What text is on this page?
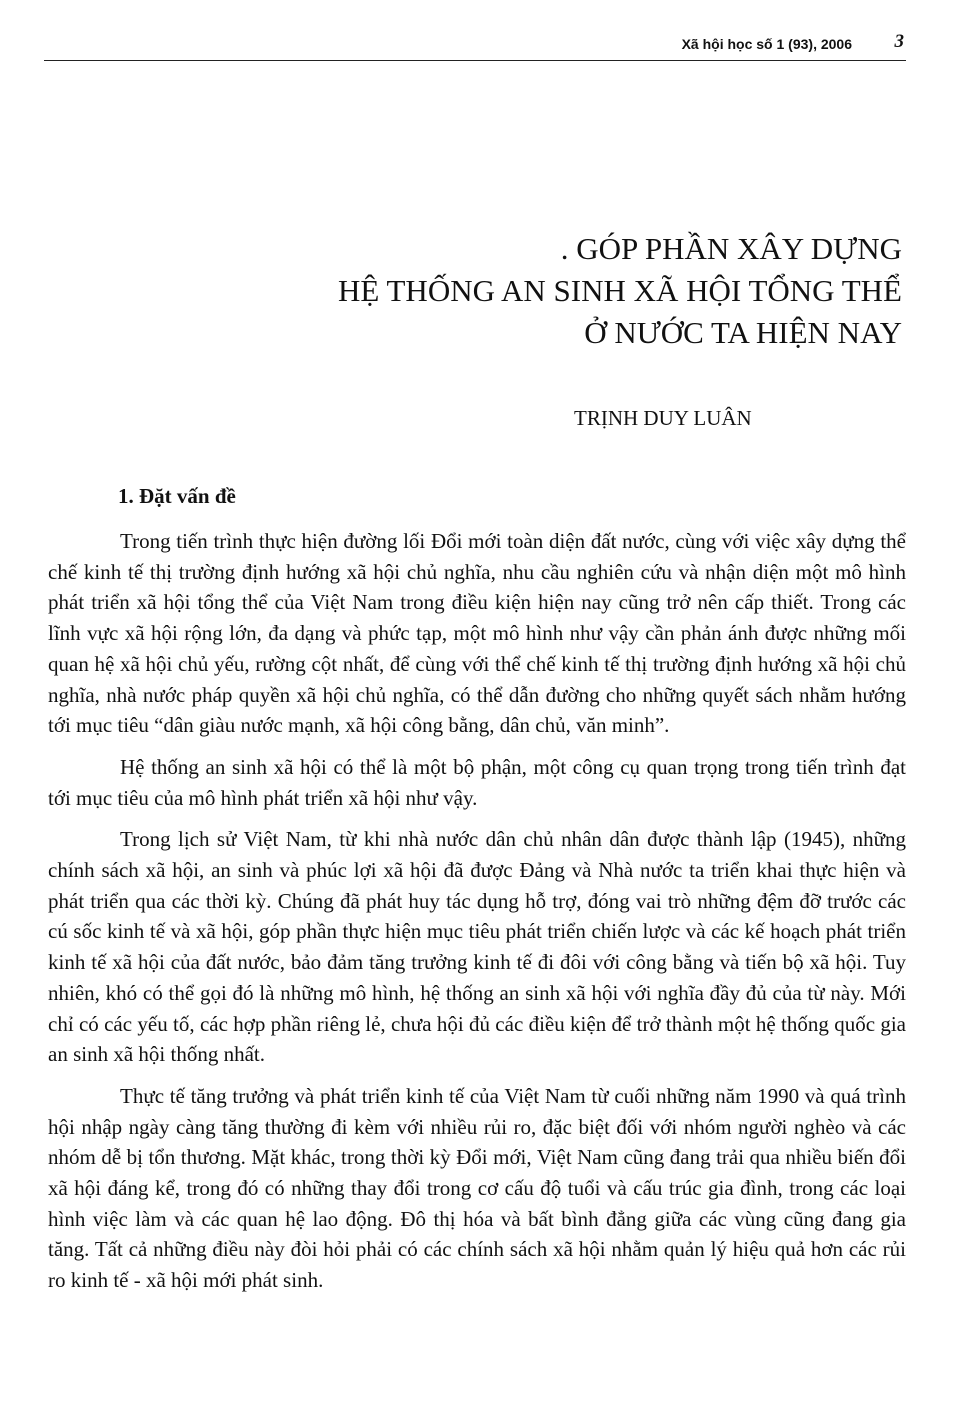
Xã hội học số 1 (93), 2006 3
. GÓP PHẦN XÂY DỰNG
HỆ THỐNG AN SINH XÃ HỘI TỔNG THỂ
Ở NƯỚC TA HIỆN NAY
TRỊNH DUY LUÂN
1. Đặt vấn đề

Trong tiến trình thực hiện đường lối Đổi mới toàn diện đất nước, cùng với việc xây dựng thể chế kinh tế thị trường định hướng xã hội chủ nghĩa, nhu cầu nghiên cứu và nhận diện một mô hình phát triển xã hội tổng thể của Việt Nam trong điều kiện hiện nay cũng trở nên cấp thiết. Trong các lĩnh vực xã hội rộng lớn, đa dạng và phức tạp, một mô hình như vậy cần phản ánh được những mối quan hệ xã hội chủ yếu, rường cột nhất, để cùng với thể chế kinh tế thị trường định hướng xã hội chủ nghĩa, nhà nước pháp quyền xã hội chủ nghĩa, có thể dẫn đường cho những quyết sách nhằm hướng tới mục tiêu “dân giàu nước mạnh, xã hội công bằng, dân chủ, văn minh”.

Hệ thống an sinh xã hội có thể là một bộ phận, một công cụ quan trọng trong tiến trình đạt tới mục tiêu của mô hình phát triển xã hội như vậy.

Trong lịch sử Việt Nam, từ khi nhà nước dân chủ nhân dân được thành lập (1945), những chính sách xã hội, an sinh và phúc lợi xã hội đã được Đảng và Nhà nước ta triển khai thực hiện và phát triển qua các thời kỳ. Chúng đã phát huy tác dụng hỗ trợ, đóng vai trò những đệm đỡ trước các cú sốc kinh tế và xã hội, góp phần thực hiện mục tiêu phát triển chiến lược và các kế hoạch phát triển kinh tế xã hội của đất nước, bảo đảm tăng trưởng kinh tế đi đôi với công bằng và tiến bộ xã hội. Tuy nhiên, khó có thể gọi đó là những mô hình, hệ thống an sinh xã hội với nghĩa đầy đủ của từ này. Mới chỉ có các yếu tố, các hợp phần riêng lẻ, chưa hội đủ các điều kiện để trở thành một hệ thống quốc gia an sinh xã hội thống nhất.

Thực tế tăng trưởng và phát triển kinh tế của Việt Nam từ cuối những năm 1990 và quá trình hội nhập ngày càng tăng thường đi kèm với nhiều rủi ro, đặc biệt đối với nhóm người nghèo và các nhóm dễ bị tổn thương. Mặt khác, trong thời kỳ Đổi mới, Việt Nam cũng đang trải qua nhiều biến đổi xã hội đáng kể, trong đó có những thay đổi trong cơ cấu độ tuổi và cấu trúc gia đình, trong các loại hình việc làm và các quan hệ lao động. Đô thị hóa và bất bình đẳng giữa các vùng cũng đang gia tăng. Tất cả những điều này đòi hỏi phải có các chính sách xã hội nhằm quản lý hiệu quả hơn các rủi ro kinh tế - xã hội mới phát sinh.
